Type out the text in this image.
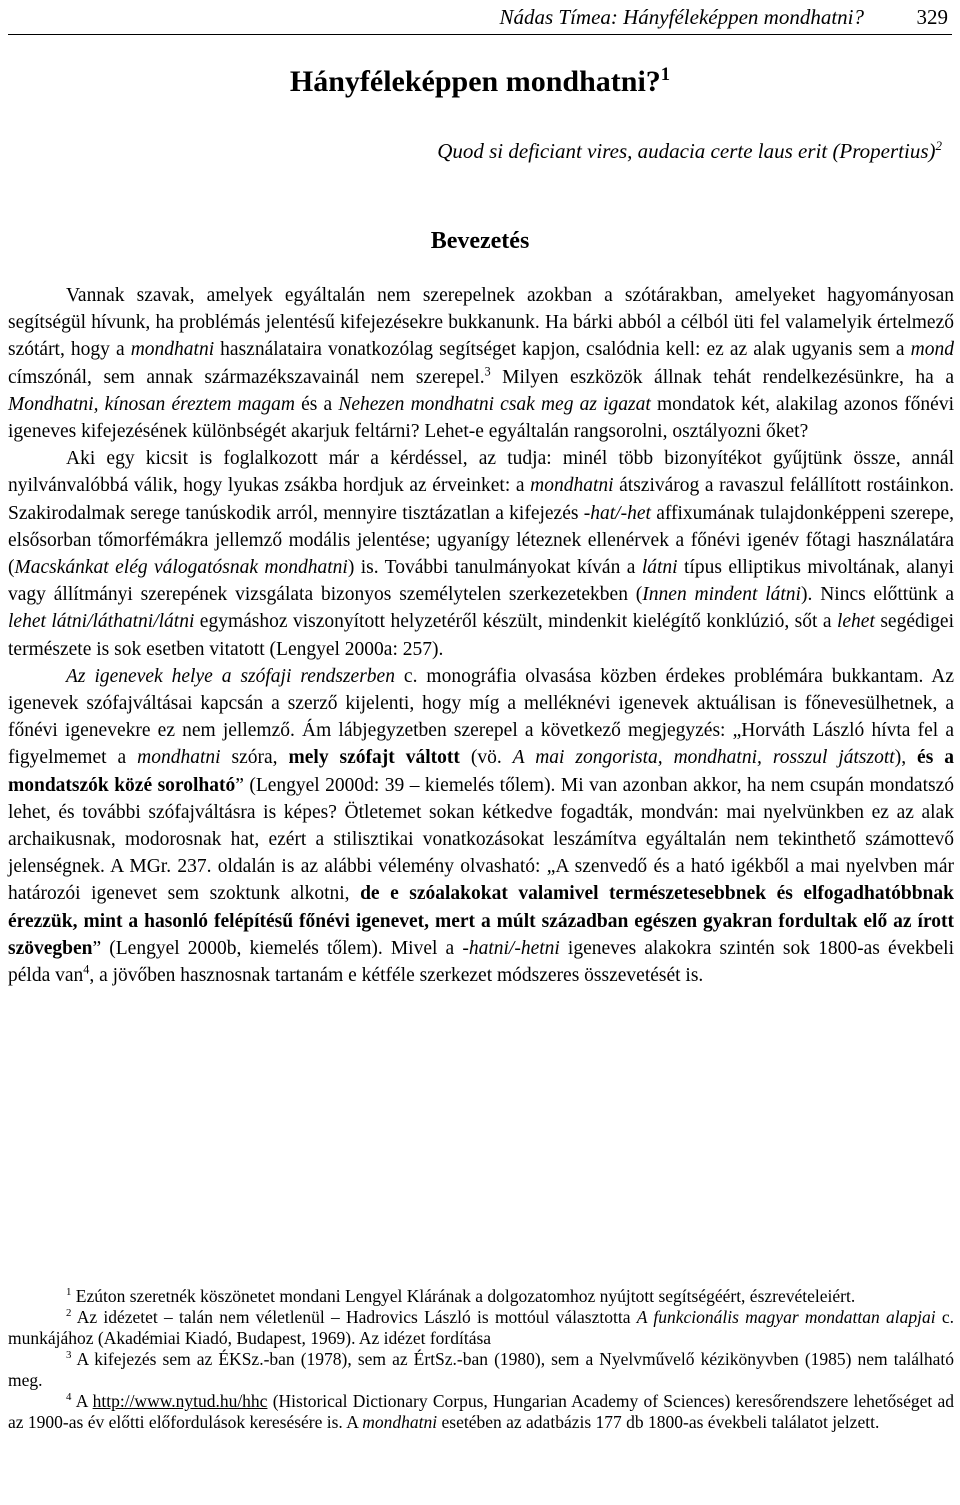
Nádas Tímea: Hányféleképpen mondhatni?	329
Hányféleképpen mondhatni?$^1$
Quod si deficiant vires, audacia certe laus erit (Propertius)$^2$
Bevezetés

Vannak szavak, amelyek egyáltalán nem szerepelnek azokban a szótárakban, amelyeket hagyományosan segítségül hívunk, ha problémás jelentésű kifejezésekre bukkanunk. Ha bárki abból a célból üti fel valamelyik értelmező szótárt, hogy a mondhatni használataira vonatkozólag segítséget kapjon, csalódnia kell: ez az alak ugyanis sem a mond címszónál, sem annak származékszavainál nem szerepel.$^3$ Milyen eszközök állnak tehát rendelkezésünkre, ha a Mondhatni, kínosan éreztem magam és a Nehezen mondhatni csak meg az igazat mondatok két, alakilag azonos főnévi igeneves kifejezésének különbségét akarjuk feltárni? Lehet-e egyáltalán rangsorolni, osztályozni őket?

Aki egy kicsit is foglalkozott már a kérdéssel, az tudja: minél több bizonyítékot gyűjtünk össze, annál nyilvánvalóbbá válik, hogy lyukas zsákba hordjuk az érveinket: a mondhatni átszivárog a ravaszul felállított rostáinkon. Szakirodalmak serege tanúskodik arról, mennyire tisztázatlan a kifejezés -hat/-het affixumának tulajdonképpeni szerepe, elsősorban tőmorfémákra jellemző modális jelentése; ugyanígy léteznek ellenérvek a főnévi igenév főtagi használatára (Macskánkat elég válogatósnak mondhatni) is. További tanulmányokat kíván a látni típus elliptikus mivoltának, alanyi vagy állítmányi szerepének vizsgálata bizonyos személytelen szerkezetekben (Innen mindent látni). Nincs előttünk a lehet látni/láthatni/látni egymáshoz viszonyított helyzetéről készült, mindenkit kielégítő konklúzió, sőt a lehet segédigei természete is sok esetben vitatott (Lengyel 2000a: 257).

Az igenevek helye a szófaji rendszerben c. monográfia olvasása közben érdekes problémára bukkantam. Az igenevek szófajváltásai kapcsán a szerző kijelenti, hogy míg a melléknévi igenevek aktuálisan is főnevesülhetnek, a főnévi igenevekre ez nem jellemző. Ám lábjegyzetben szerepel a következő megjegyzés: „Horváth László hívta fel a figyelmemet a mondhatni szóra, mely szófajt váltott (vö. A mai zongorista, mondhatni, rosszul játszott), és a mondatszók közé sorolható” (Lengyel 2000d: 39 – kiemelés tőlem). Mi van azonban akkor, ha nem csupán mondatszó lehet, és további szófajváltásra is képes? Ötletemet sokan kétkedve fogadták, mondván: mai nyelvünkben ez az alak archaikusnak, modorosnak hat, ezért a stilisztikai vonatkozásokat leszámítva egyáltalán nem tekinthető számottevő jelenségnek. A MGr. 237. oldalán is az alábbi vélemény olvasható: „A szenvedő és a ható igékből a mai nyelvben már határozói igenevet sem szoktunk alkotni, de e szóalakokat valamivel természetesebbnek és elfogadhatóbbnak érezzük, mint a hasonló felépítésű főnévi igenevet, mert a múlt században egészen gyakran fordultak elő az írott szövegben” (Lengyel 2000b, kiemelés tőlem). Mivel a -hatni/-hetni igeneves alakokra szintén sok 1800-as évekbeli példa van$^4$, a jövőben hasznosnak tartanám e kétféle szerkezet módszeres összevetését is.

$^1$ Ezúton szeretnék köszönetet mondani Lengyel Klárának a dolgozatomhoz nyújtott segítségéért, észrevételeiért.

$^2$ Az idézetet – talán nem véletlenül – Hadrovics László is mottóul választotta A funkcionális magyar mondattan alapjai c. munkájához (Akadémiai Kiadó, Budapest, 1969). Az idézet fordítása

$^3$ A kifejezés sem az ÉKSz.-ban (1978), sem az ÉrtSz.-ban (1980), sem a Nyelvművelő kézikönyvben (1985) nem található meg.

$^4$ A http://www.nytud.hu/hhc (Historical Dictionary Corpus, Hungarian Academy of Sciences) keresőrendszere lehetőséget ad az 1900-as év előtti előfordulások keresésére is. A mondhatni esetében az adatbázis 177 db 1800-as évekbeli találatot jelzett.
